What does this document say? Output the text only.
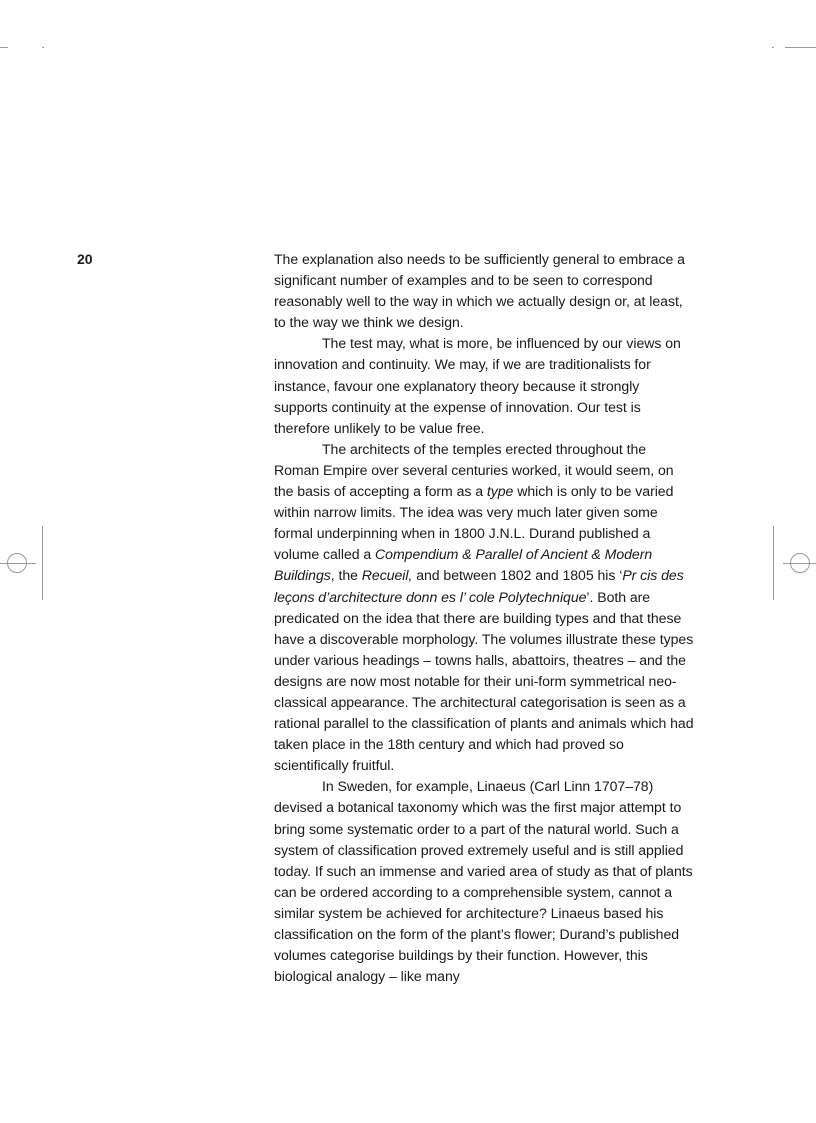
20	The explanation also needs to be sufficiently general to embrace a significant number of examples and to be seen to correspond reasonably well to the way in which we actually design or, at least, to the way we think we design.

The test may, what is more, be influenced by our views on innovation and continuity. We may, if we are traditionalists for instance, favour one explanatory theory because it strongly supports continuity at the expense of innovation. Our test is therefore unlikely to be value free.

The architects of the temples erected throughout the Roman Empire over several centuries worked, it would seem, on the basis of accepting a form as a type which is only to be varied within narrow limits. The idea was very much later given some formal underpinning when in 1800 J.N.L. Durand published a volume called a Compendium & Parallel of Ancient & Modern Buildings, the Recueil, and between 1802 and 1805 his ‘Pr cis des leçons d’architecture donn es l’ cole Polytechnique’. Both are predicated on the idea that there are building types and that these have a discoverable morphology. The volumes illustrate these types under various headings – towns halls, abattoirs, theatres – and the designs are now most notable for their uni-form symmetrical neo-classical appearance. The architectural categorisation is seen as a rational parallel to the classification of plants and animals which had taken place in the 18th century and which had proved so scientifically fruitful.

In Sweden, for example, Linaeus (Carl Linn 1707–78) devised a botanical taxonomy which was the first major attempt to bring some systematic order to a part of the natural world. Such a system of classification proved extremely useful and is still applied today. If such an immense and varied area of study as that of plants can be ordered according to a comprehensible system, cannot a similar system be achieved for architecture? Linaeus based his classification on the form of the plant’s flower; Durand’s published volumes categorise buildings by their function. However, this biological analogy – like many
